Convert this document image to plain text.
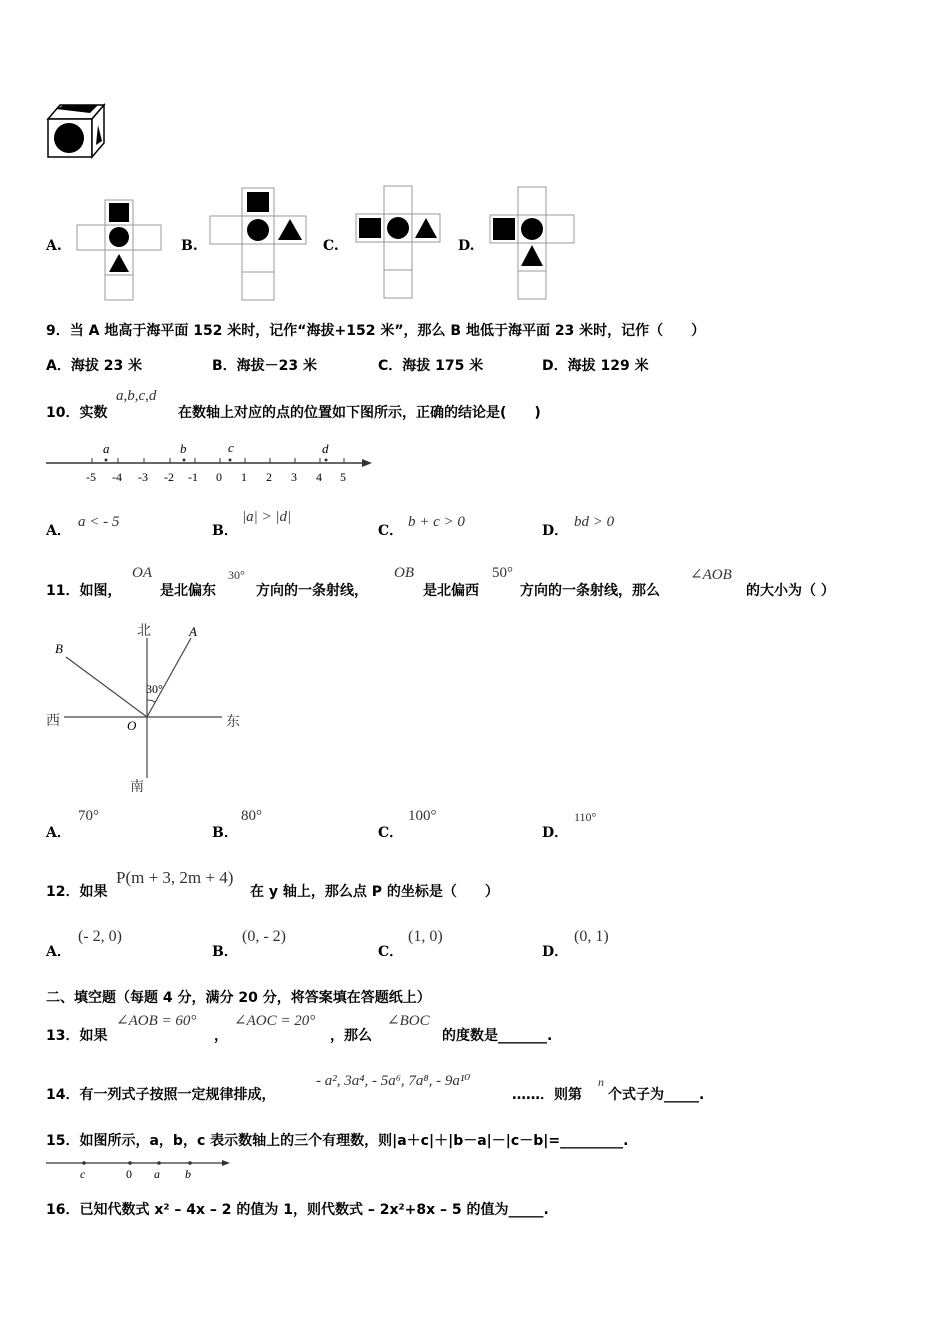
A.	B.	C.	D.
9．当 A 地高于海平面 152 米时，记作“海拔+152 米”，那么 B 地低于海平面 23 米时，记作（　　）
A．海拔 23 米	B．海拔－23 米	C．海拔 175 米	D．海拔 129 米
10．实数
a,b,c,d
在数轴上对应的点的位置如下图所示，正确的结论是(　　)
-5 -4 -3 -2 -1 0 1 2 3 4 5
a	b	c	d
A．
a < - 5
B．
|a| > |d|
C．
b + c > 0
D．
bd > 0
11．如图，
OA
是北偏东
30°
方向的一条射线，
OB
是北偏西
50°
方向的一条射线，那么
∠AOB
的大小为（ ）
北
南
西	东
A
B
O
30°
A．
70°
B．
80°
C．
100°
D．
110°
12．如果
P(m + 3, 2m + 4)
在 y 轴上，那么点 P 的坐标是（　　）
A．
(- 2, 0)
B．
(0, - 2)
C．
(1, 0)
D．
(0, 1)
二、填空题（每题 4 分，满分 20 分，将答案填在答题纸上）
13．如果
∠AOB = 60°
，
∠AOC = 20°
，那么
∠BOC
的度数是_______.
14．有一列式子按照一定规律排成，
- a², 3a⁴, - 5a⁶, 7a⁸, - 9a¹⁰
……．则第
n
个式子为_____.
15．如图所示，a，b，c 表示数轴上的三个有理数，则|a＋c|＋|b－a|－|c－b|=_________.
c	0 a b
16．已知代数式 x² – 4x – 2 的值为 1，则代数式 – 2x²+8x – 5 的值为_____.
